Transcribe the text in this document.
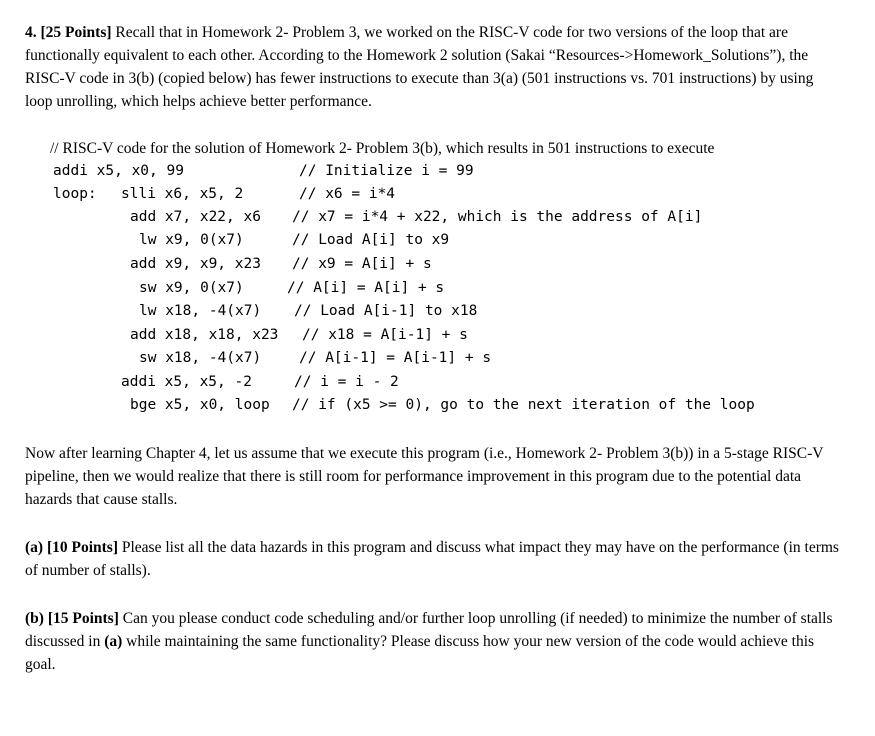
4. [25 Points] Recall that in Homework 2- Problem 3, we worked on the RISC-V code for two versions of the loop that are functionally equivalent to each other. According to the Homework 2 solution (Sakai “Resources->Homework_Solutions”), the RISC-V code in 3(b) (copied below) has fewer instructions to execute than 3(a) (501 instructions vs. 701 instructions) by using loop unrolling, which helps achieve better performance.

// RISC-V code for the solution of Homework 2- Problem 3(b), which results in 501 instructions to execute
addi x5, x0, 99	// Initialize i = 99
loop: slli x6, x5, 2	// x6 = i*4
add x7, x22, x6 // x7 = i*4 + x22, which is the address of A[i]
lw x9, 0(x7)	// Load A[i] to x9
add x9, x9, x23 // x9 = A[i] + s
sw x9, 0(x7)	// A[i] = A[i] + s
lw x18, -4(x7) // Load A[i-1] to x18
add x18, x18, x23 // x18 = A[i-1] + s
sw x18, -4(x7)	// A[i-1] = A[i-1] + s
addi x5, x5, -2	// i = i - 2
bge x5, x0, loop // if (x5 >= 0), go to the next iteration of the loop

Now after learning Chapter 4, let us assume that we execute this program (i.e., Homework 2- Problem 3(b)) in a 5-stage RISC-V pipeline, then we would realize that there is still room for performance improvement in this program due to the potential data hazards that cause stalls.

(a) [10 Points] Please list all the data hazards in this program and discuss what impact they may have on the performance (in terms of number of stalls).

(b) [15 Points] Can you please conduct code scheduling and/or further loop unrolling (if needed) to minimize the number of stalls discussed in (a) while maintaining the same functionality? Please discuss how your new version of the code would achieve this goal.
